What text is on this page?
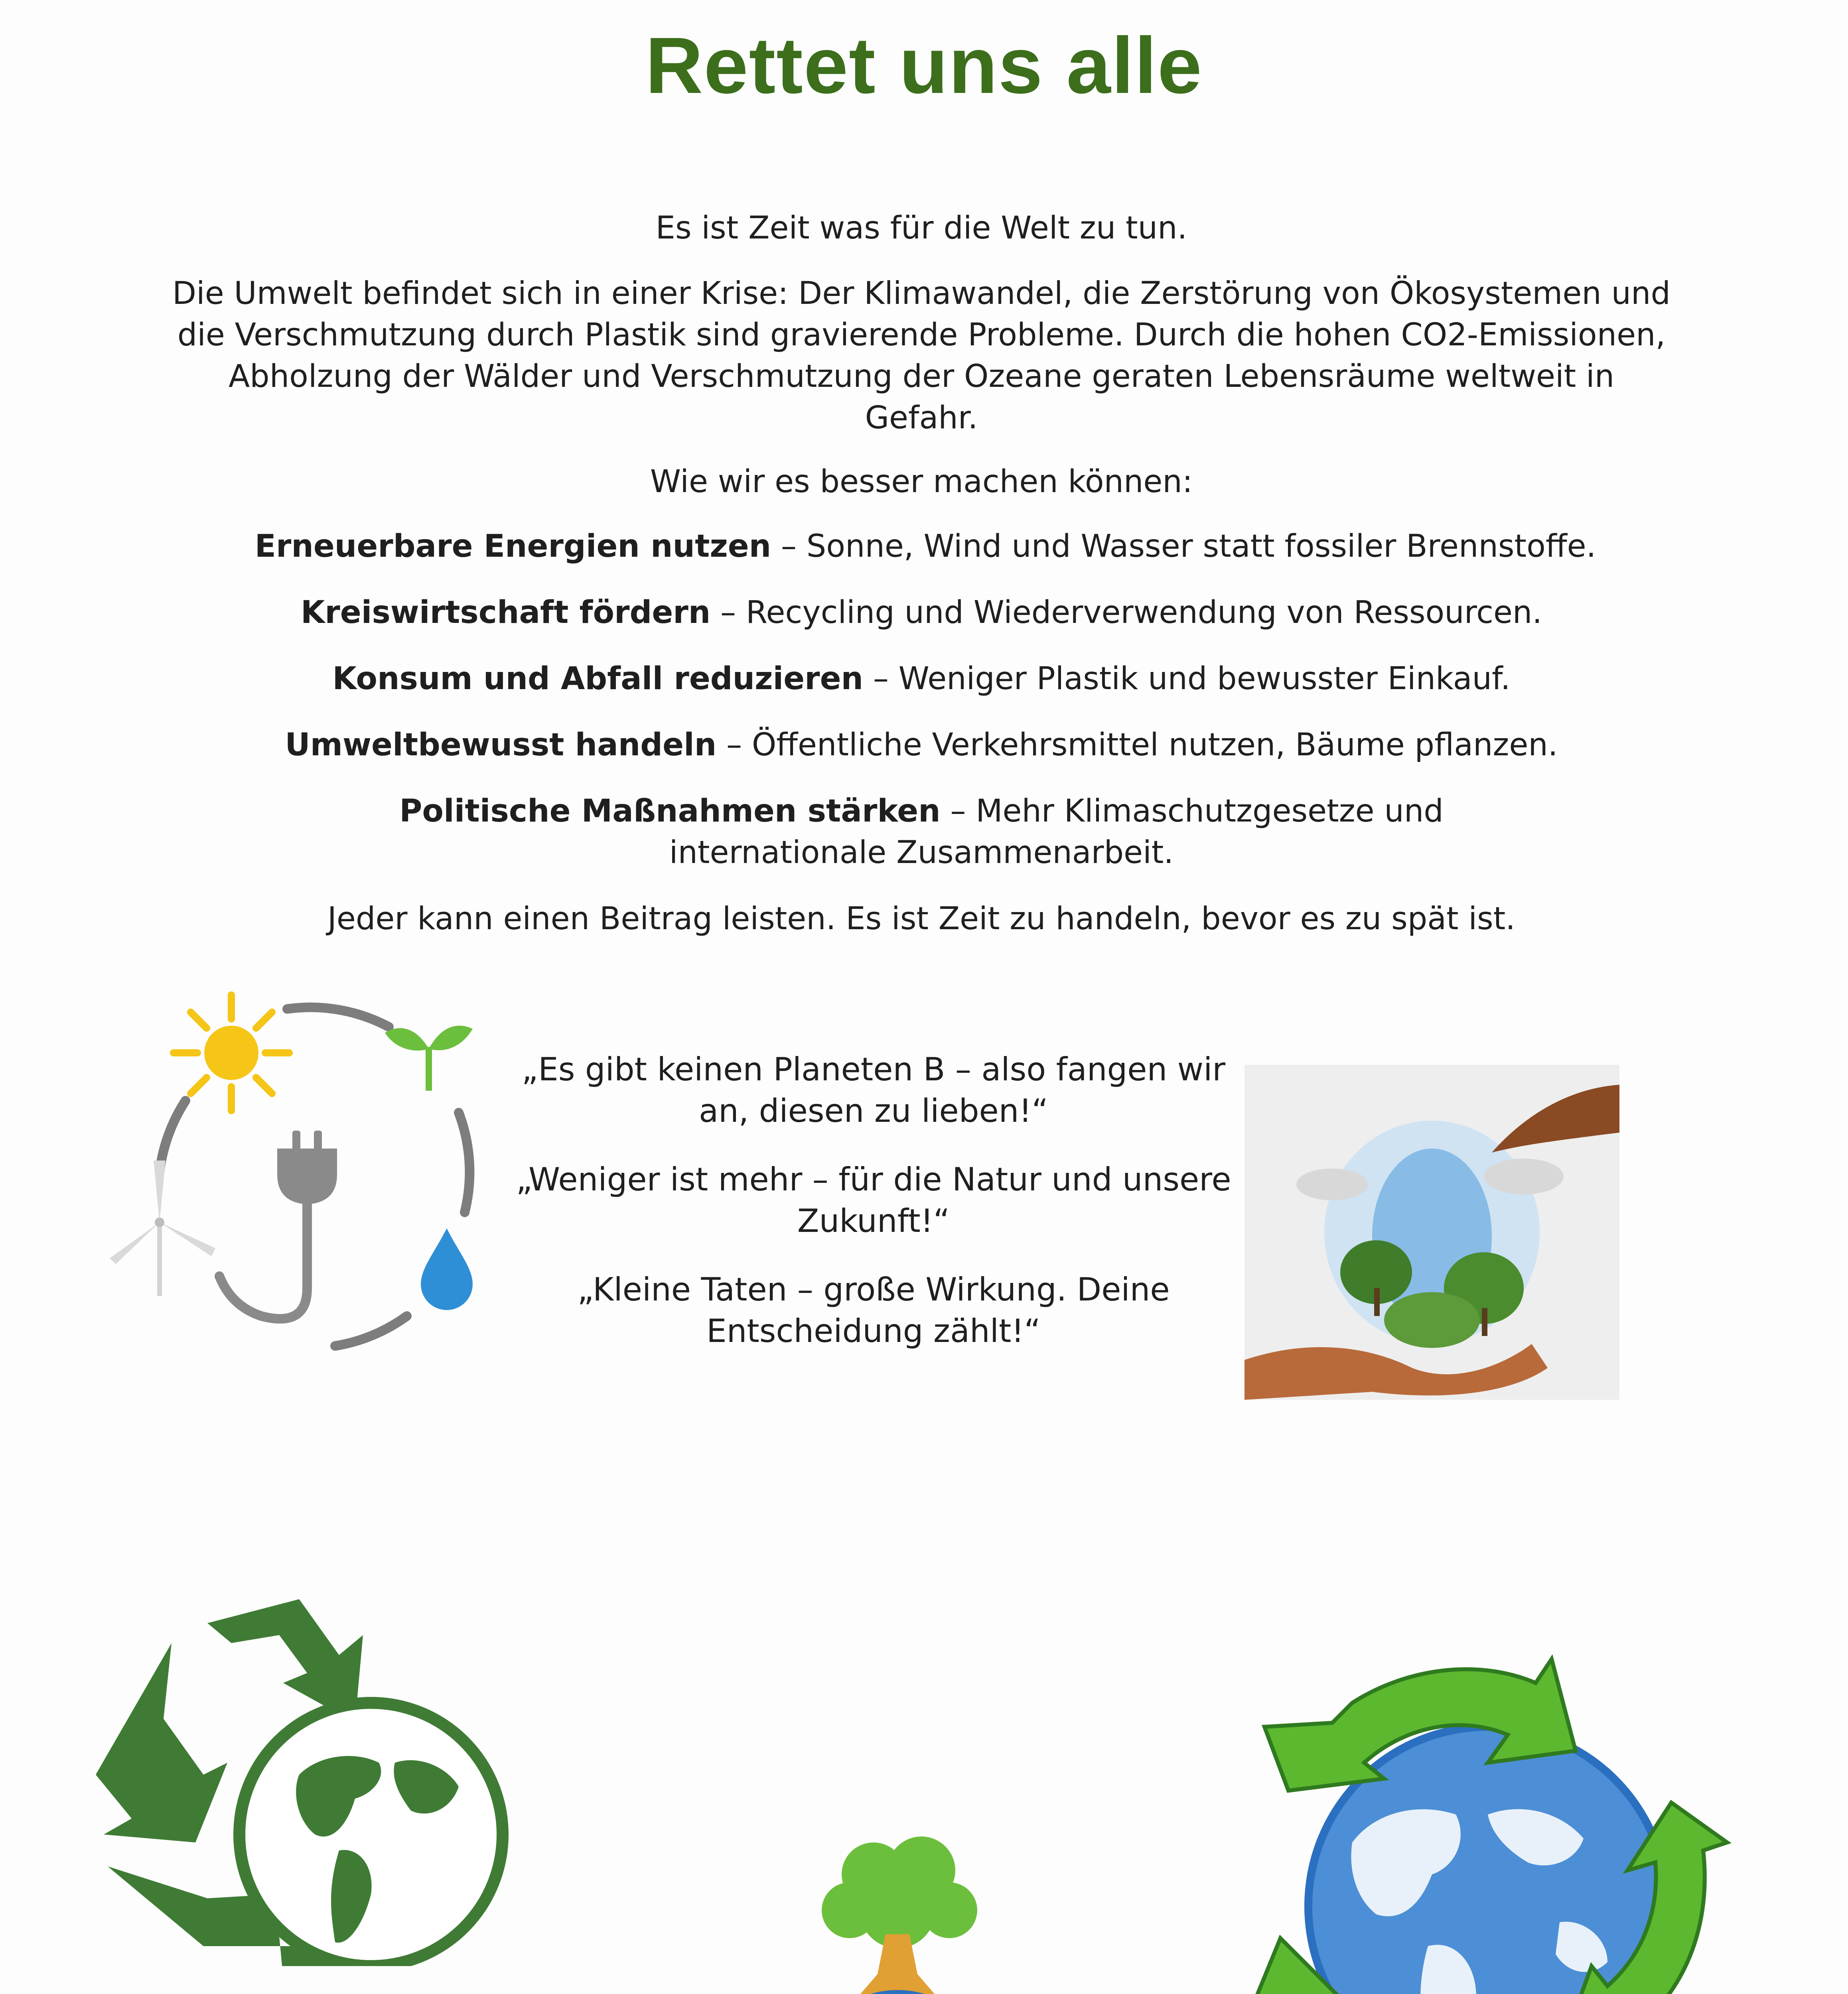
Rettet uns alle

Es ist Zeit was für die Welt zu tun.

Die Umwelt befindet sich in einer Krise: Der Klimawandel, die Zerstörung von Ökosystemen und die Verschmutzung durch Plastik sind gravierende Probleme. Durch die hohen CO2-Emissionen, Abholzung der Wälder und Verschmutzung der Ozeane geraten Lebensräume weltweit in Gefahr.

Wie wir es besser machen können:

Erneuerbare Energien nutzen – Sonne, Wind und Wasser statt fossiler Brennstoffe.

Kreiswirtschaft fördern – Recycling und Wiederverwendung von Ressourcen.

Konsum und Abfall reduzieren – Weniger Plastik und bewusster Einkauf.

Umweltbewusst handeln – Öffentliche Verkehrsmittel nutzen, Bäume pflanzen.

Politische Maßnahmen stärken – Mehr Klimaschutzgesetze und internationale Zusammenarbeit.

Jeder kann einen Beitrag leisten. Es ist Zeit zu handeln, bevor es zu spät ist.

„Es gibt keinen Planeten B – also fangen wir an, diesen zu lieben!“

„Weniger ist mehr – für die Natur und unsere Zukunft!“

„Kleine Taten – große Wirkung. Deine Entscheidung zählt!“
